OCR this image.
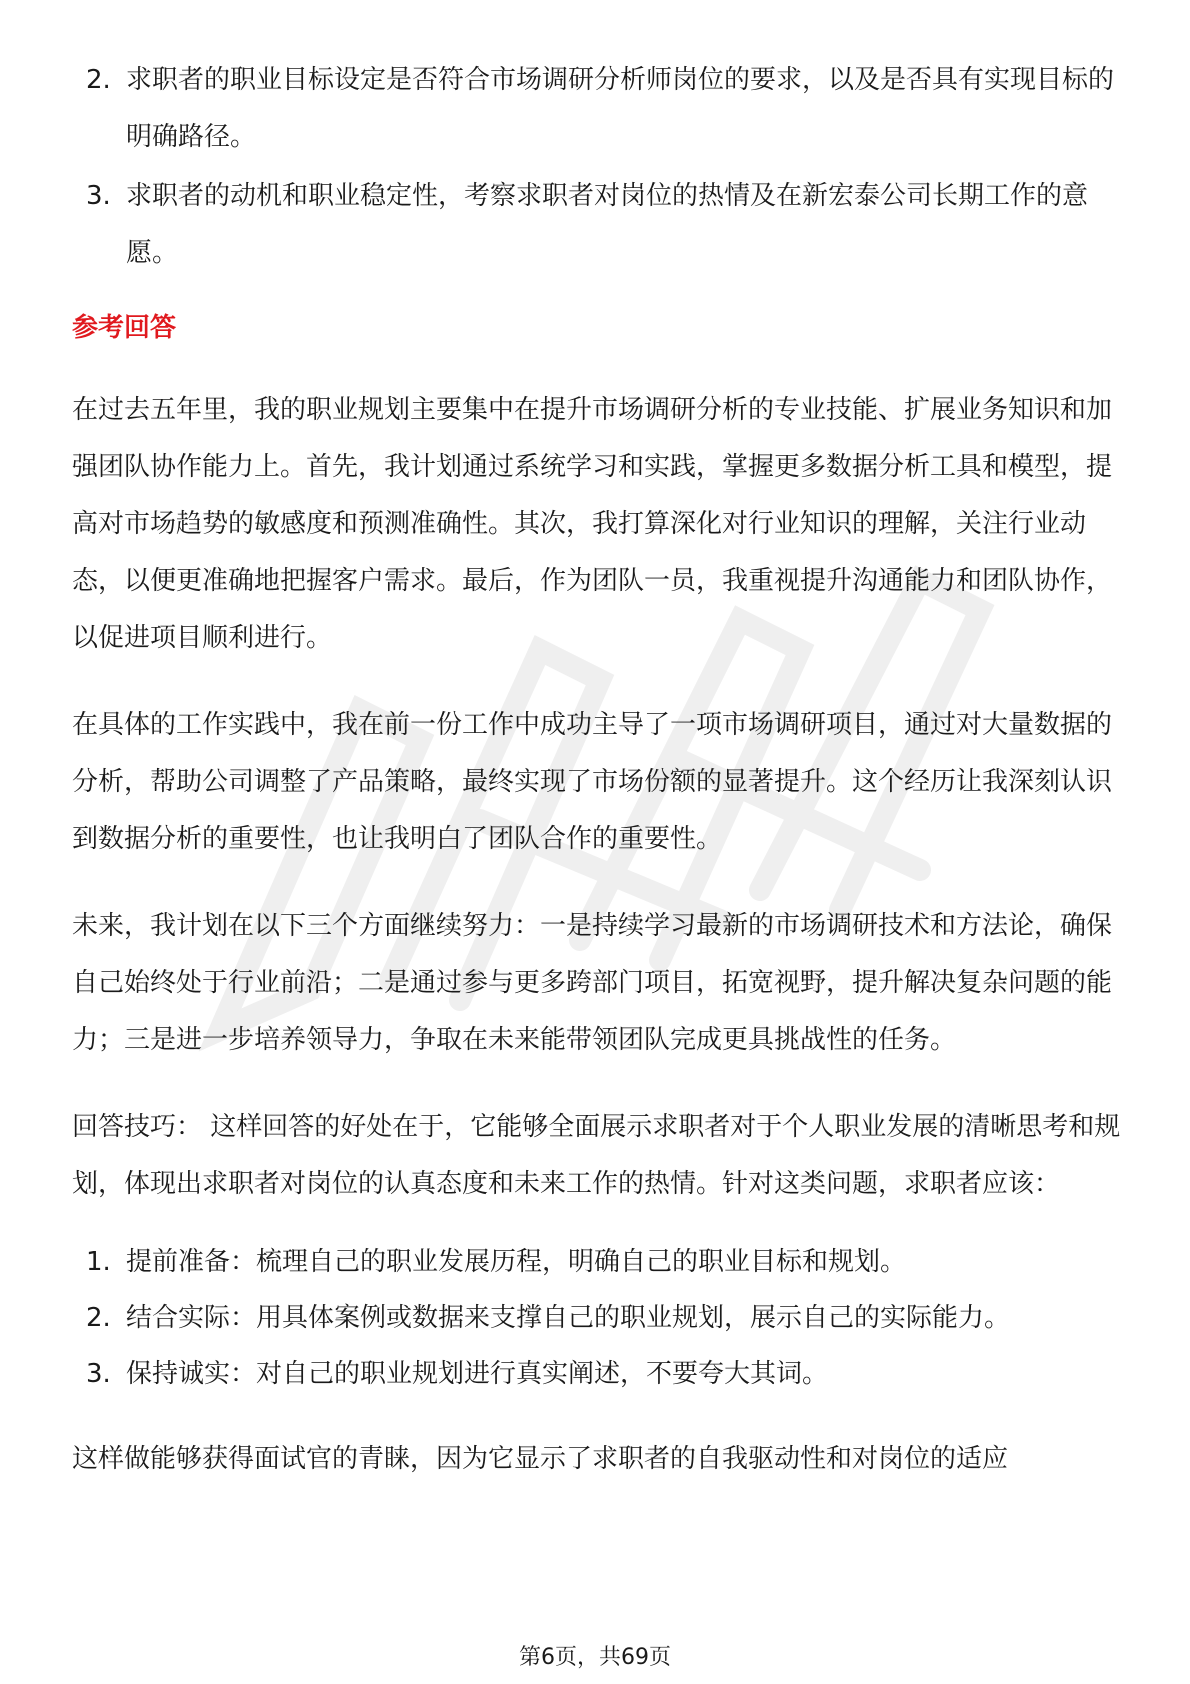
2. 求职者的职业目标设定是否符合市场调研分析师岗位的要求，以及是否具有实现目标的明确路径。
3. 求职者的动机和职业稳定性，考察求职者对岗位的热情及在新宏泰公司长期工作的意愿。
参考回答

在过去五年里，我的职业规划主要集中在提升市场调研分析的专业技能、扩展业务知识和加强团队协作能力上。首先，我计划通过系统学习和实践，掌握更多数据分析工具和模型，提高对市场趋势的敏感度和预测准确性。其次，我打算深化对行业知识的理解，关注行业动态，以便更准确地把握客户需求。最后，作为团队一员，我重视提升沟通能力和团队协作，以促进项目顺利进行。

在具体的工作实践中，我在前一份工作中成功主导了一项市场调研项目，通过对大量数据的分析，帮助公司调整了产品策略，最终实现了市场份额的显著提升。这个经历让我深刻认识到数据分析的重要性，也让我明白了团队合作的重要性。

未来，我计划在以下三个方面继续努力：一是持续学习最新的市场调研技术和方法论，确保自己始终处于行业前沿；二是通过参与更多跨部门项目，拓宽视野，提升解决复杂问题的能力；三是进一步培养领导力，争取在未来能带领团队完成更具挑战性的任务。

回答技巧： 这样回答的好处在于，它能够全面展示求职者对于个人职业发展的清晰思考和规划，体现出求职者对岗位的认真态度和未来工作的热情。针对这类问题，求职者应该：

1. 提前准备：梳理自己的职业发展历程，明确自己的职业目标和规划。
2. 结合实际：用具体案例或数据来支撑自己的职业规划，展示自己的实际能力。
3. 保持诚实：对自己的职业规划进行真实阐述，不要夸大其词。

这样做能够获得面试官的青睐，因为它显示了求职者的自我驱动性和对岗位的适应

第6页，共69页
